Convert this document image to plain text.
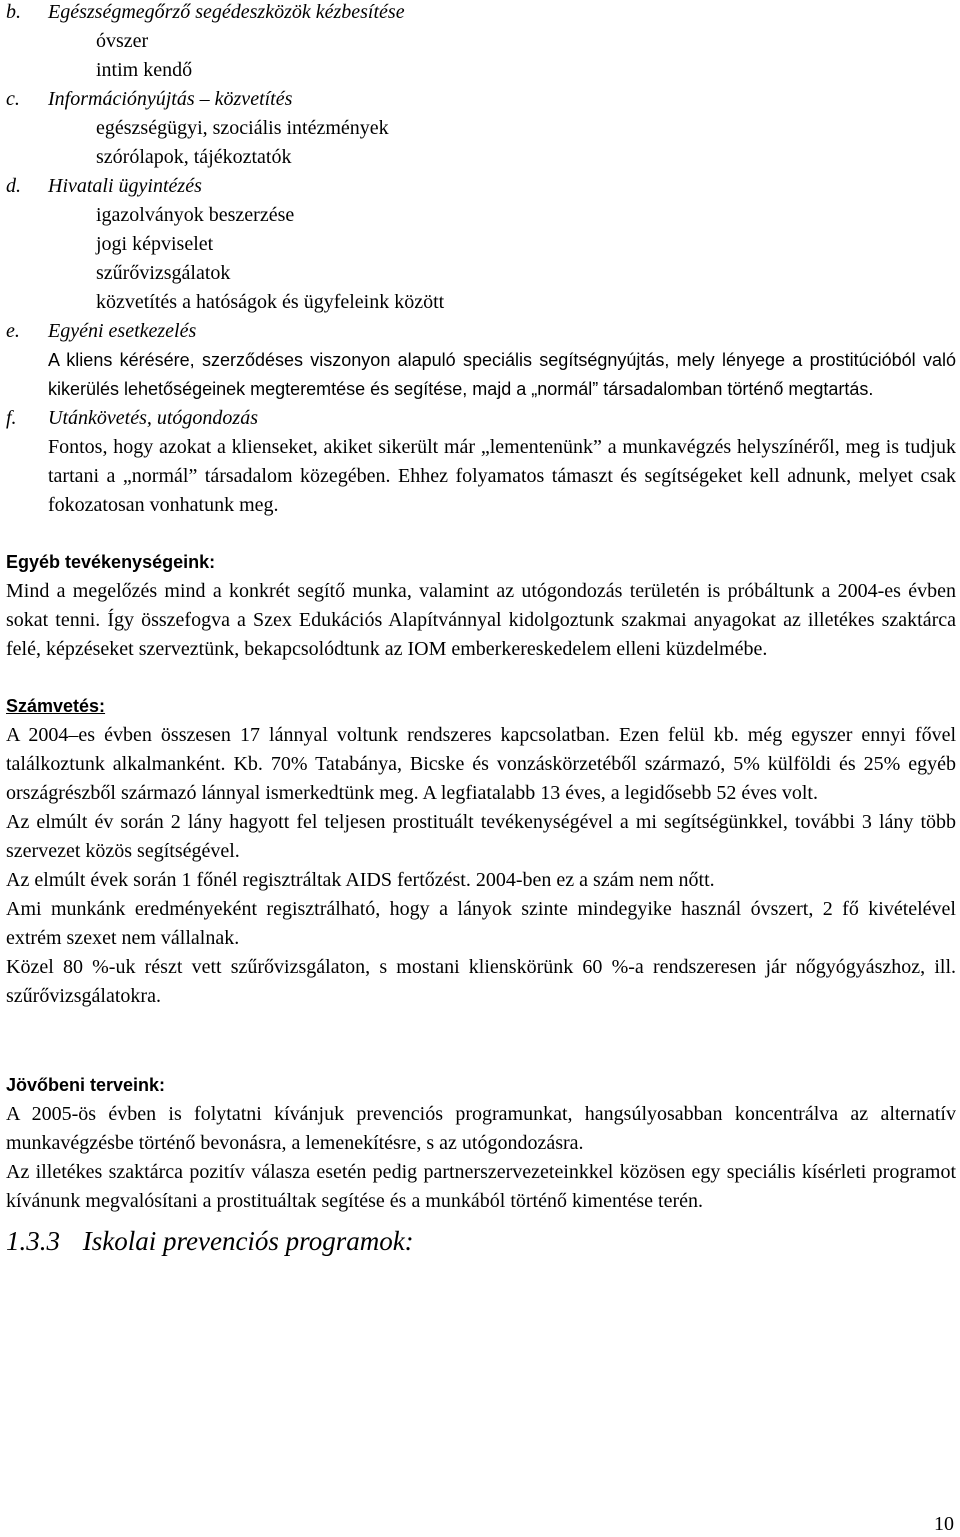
b.	Egészségmegőrző segédeszközök kézbesítése
óvszer
intim kendő
c.	Információnyújtás – közvetítés
egészségügyi, szociális intézmények
szórólapok, tájékoztatók
d.	Hivatali ügyintézés
igazolványok beszerzése
jogi képviselet
szűrővizsgálatok
közvetítés a hatóságok és ügyfeleink között
e.	Egyéni esetkezelés
A kliens kérésére, szerződéses viszonyon alapuló speciális segítségnyújtás, mely lényege a prostitúcióból való kikerülés lehetőségeinek megteremtése és segítése, majd a „normál” társadalomban történő megtartás.
f.	Utánkövetés, utógondozás
Fontos, hogy azokat a klienseket, akiket sikerült már „lementenünk” a munkavégzés helyszínéről, meg is tudjuk tartani a „normál” társadalom közegében. Ehhez folyamatos támaszt és segítségeket kell adnunk, melyet csak fokozatosan vonhatunk meg.
Egyéb tevékenységeink:

Mind a megelőzés mind a konkrét segítő munka, valamint az utógondozás területén is próbáltunk a 2004-es évben sokat tenni. Így összefogva a Szex Edukációs Alapítvánnyal kidolgoztunk szakmai anyagokat az illetékes szaktárca felé, képzéseket szerveztünk, bekapcsolódtunk az IOM emberkereskedelem elleni küzdelmébe.

Számvetés:

A 2004–es évben összesen 17 lánnyal voltunk rendszeres kapcsolatban. Ezen felül kb. még egyszer ennyi fővel találkoztunk alkalmanként. Kb. 70% Tatabánya, Bicske és vonzáskörzetéből származó, 5% külföldi és 25% egyéb országrészből származó lánnyal ismerkedtünk meg. A legfiatalabb 13 éves, a legidősebb 52 éves volt.

Az elmúlt év során 2 lány hagyott fel teljesen prostituált tevékenységével a mi segítségünkkel, további 3 lány több szervezet közös segítségével.

Az elmúlt évek során 1 főnél regisztráltak AIDS fertőzést. 2004-ben ez a szám nem nőtt.

Ami munkánk eredményeként regisztrálható, hogy a lányok szinte mindegyike használ óvszert, 2 fő kivételével extrém szexet nem vállalnak.

Közel 80 %-uk részt vett szűrővizsgálaton, s mostani klienskörünk 60 %-a rendszeresen jár nőgyógyászhoz, ill. szűrővizsgálatokra.

Jövőbeni terveink:

A 2005-ös évben is folytatni kívánjuk prevenciós programunkat, hangsúlyosabban koncentrálva az alternatív munkavégzésbe történő bevonásra, a lemenekítésre, s az utógondozásra.

Az illetékes szaktárca pozitív válasza esetén pedig partnerszervezeteinkkel közösen egy speciális kísérleti programot kívánunk megvalósítani a prostituáltak segítése és a munkából történő kimentése terén.

1.3.3 Iskolai prevenciós programok:
10
